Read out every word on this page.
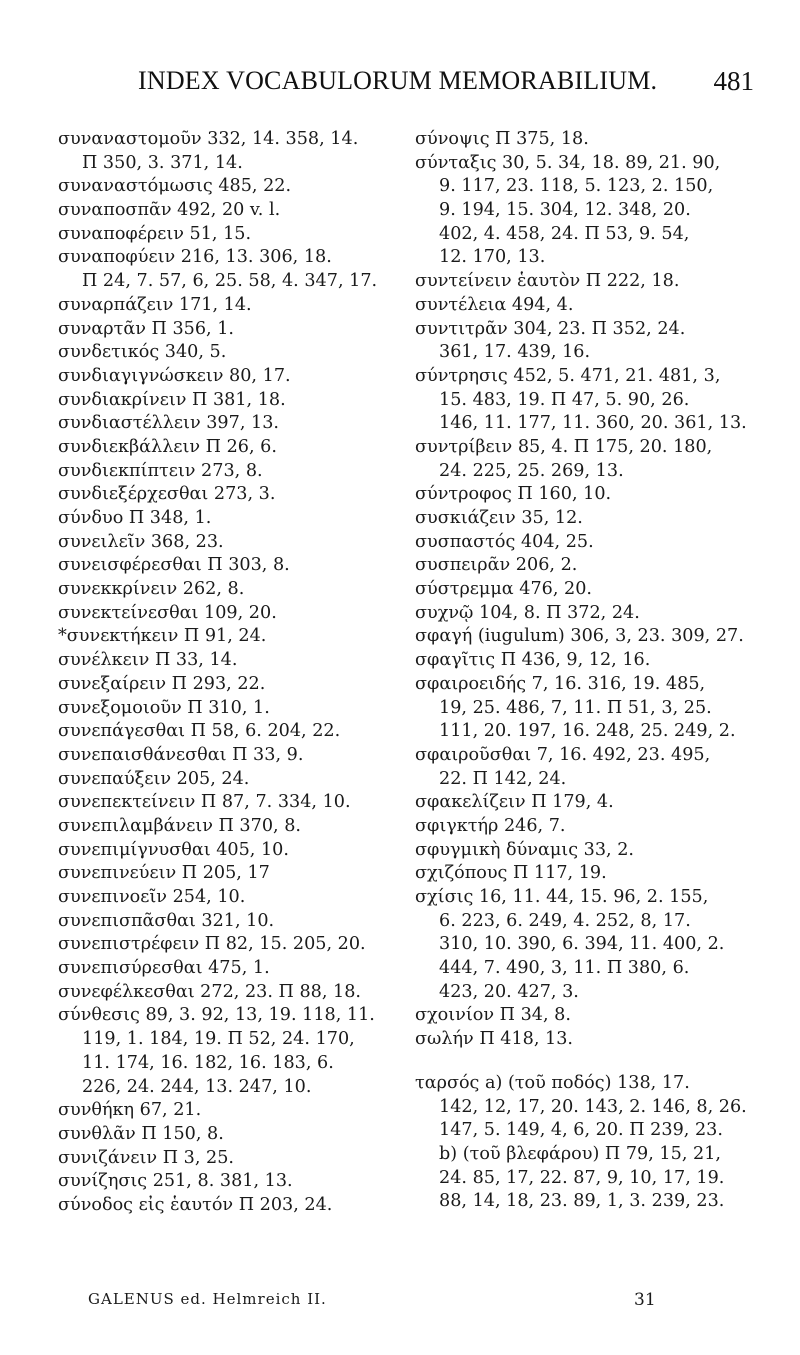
INDEX VOCABULORUM MEMORABILIUM. 481
συναναστομοῦν 332, 14. 358, 14.
Π 350, 3. 371, 14.
συναναστόμωσις 485, 22.
συναποσπᾶν 492, 20 v. l.
συναποφέρειν 51, 15.
συναποφύειν 216, 13. 306, 18.
Π 24, 7. 57, 6, 25. 58, 4. 347, 17.
συναρπάζειν 171, 14.
συναρτᾶν Π 356, 1.
συνδετικός 340, 5.
συνδιαγιγνώσκειν 80, 17.
συνδιακρίνειν Π 381, 18.
συνδιαστέλλειν 397, 13.
συνδιεκβάλλειν Π 26, 6.
συνδιεκπίπτειν 273, 8.
συνδιεξέρχεσθαι 273, 3.
σύνδυο Π 348, 1.
συνειλεῖν 368, 23.
συνεισφέρεσθαι Π 303, 8.
συνεκκρίνειν 262, 8.
συνεκτείνεσθαι 109, 20.
*συνεκτήκειν Π 91, 24.
συνέλκειν Π 33, 14.
συνεξαίρειν Π 293, 22.
συνεξομοιοῦν Π 310, 1.
συνεπάγεσθαι Π 58, 6. 204, 22.
συνεπαισθάνεσθαι Π 33, 9.
συνεπαύξειν 205, 24.
συνεπεκτείνειν Π 87, 7. 334, 10.
συνεπιλαμβάνειν Π 370, 8.
συνεπιμίγνυσθαι 405, 10.
συνεπινεύειν Π 205, 17
συνεπινοεῖν 254, 10.
συνεπισπᾶσθαι 321, 10.
συνεπιστρέφειν Π 82, 15. 205, 20.
συνεπισύρεσθαι 475, 1.
συνεφέλκεσθαι 272, 23. Π 88, 18.
σύνθεσις 89, 3. 92, 13, 19. 118, 11.
119, 1. 184, 19. Π 52, 24. 170,
11. 174, 16. 182, 16. 183, 6.
226, 24. 244, 13. 247, 10.
συνθήκη 67, 21.
συνθλᾶν Π 150, 8.
συνιζάνειν Π 3, 25.
συνίζησις 251, 8. 381, 13.
σύνοδος εἰς ἑαυτόν Π 203, 24.
σύνοψις Π 375, 18.
σύνταξις 30, 5. 34, 18. 89, 21. 90,
9. 117, 23. 118, 5. 123, 2. 150,
9. 194, 15. 304, 12. 348, 20.
402, 4. 458, 24. Π 53, 9. 54,
12. 170, 13.
συντείνειν ἑαυτὸν Π 222, 18.
συντέλεια 494, 4.
συντιτρᾶν 304, 23. Π 352, 24.
361, 17. 439, 16.
σύντρησις 452, 5. 471, 21. 481, 3,
15. 483, 19. Π 47, 5. 90, 26.
146, 11. 177, 11. 360, 20. 361, 13.
συντρίβειν 85, 4. Π 175, 20. 180,
24. 225, 25. 269, 13.
σύντροφος Π 160, 10.
συσκιάζειν 35, 12.
συσπαστός 404, 25.
συσπειρᾶν 206, 2.
σύστρεμμα 476, 20.
συχνῷ 104, 8. Π 372, 24.
σφαγή (iugulum) 306, 3, 23. 309, 27.
σφαγῖτις Π 436, 9, 12, 16.
σφαιροειδής 7, 16. 316, 19. 485,
19, 25. 486, 7, 11. Π 51, 3, 25.
111, 20. 197, 16. 248, 25. 249, 2.
σφαιροῦσθαι 7, 16. 492, 23. 495,
22. Π 142, 24.
σφακελίζειν Π 179, 4.
σφιγκτήρ 246, 7.
σφυγμικὴ δύναμις 33, 2.
σχιζόπους Π 117, 19.
σχίσις 16, 11. 44, 15. 96, 2. 155,
6. 223, 6. 249, 4. 252, 8, 17.
310, 10. 390, 6. 394, 11. 400, 2.
444, 7. 490, 3, 11. Π 380, 6.
423, 20. 427, 3.
σχοινίον Π 34, 8.
σωλήν Π 418, 13.
ταρσός a) (τοῦ ποδός) 138, 17.
142, 12, 17, 20. 143, 2. 146, 8, 26.
147, 5. 149, 4, 6, 20. Π 239, 23.
b) (τοῦ βλεφάρου) Π 79, 15, 21,
24. 85, 17, 22. 87, 9, 10, 17, 19.
88, 14, 18, 23. 89, 1, 3. 239, 23.
GALENUS ed. Helmreich II.	31
